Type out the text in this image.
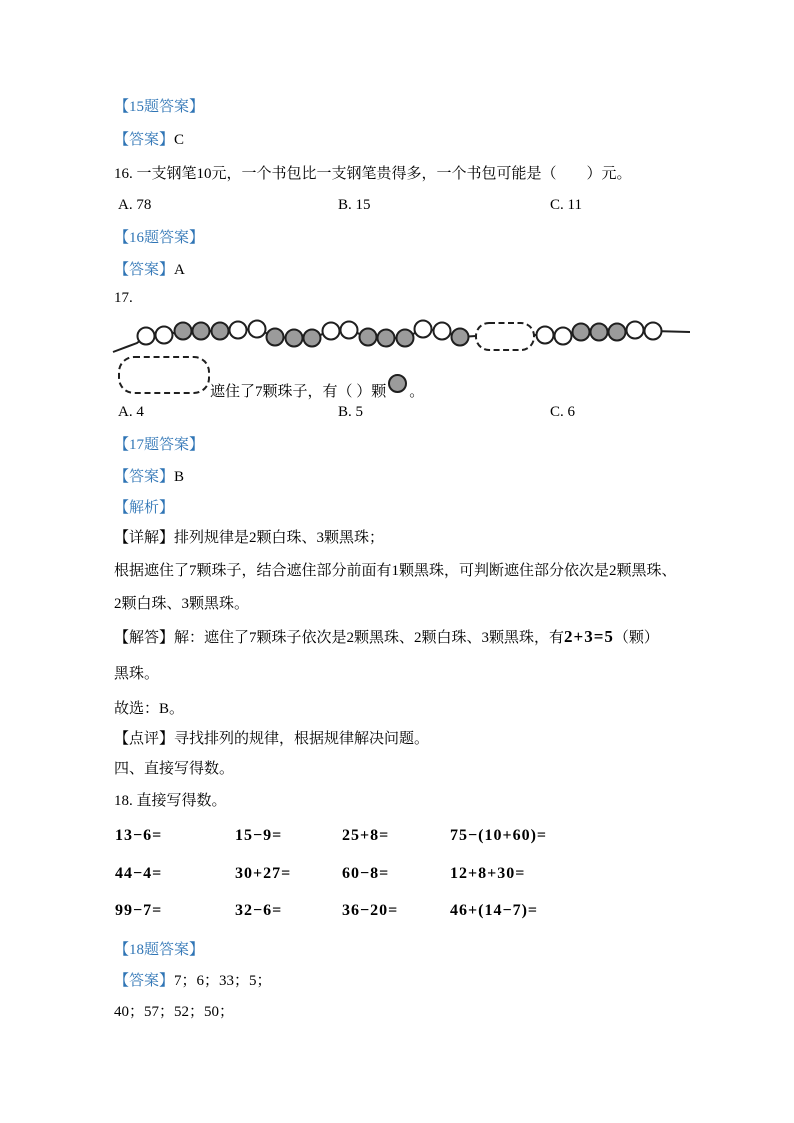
【15题答案】
【答案】C
16. 一支钢笔10元，一个书包比一支钢笔贵得多，一个书包可能是（　　）元。
A. 78	B. 15	C. 11
【16题答案】
【答案】A
17.
遮住了7颗珠子，有（ ）颗 。
A. 4	B. 5	C. 6
【17题答案】
【答案】B
【解析】
【详解】排列规律是2颗白珠、3颗黑珠；
根据遮住了7颗珠子，结合遮住部分前面有1颗黑珠，可判断遮住部分依次是2颗黑珠、
2颗白珠、3颗黑珠。
【解答】解：遮住了7颗珠子依次是2颗黑珠、2颗白珠、3颗黑珠，有2+3=5（颗）
黑珠。
故选：B。
【点评】寻找排列的规律，根据规律解决问题。
四、直接写得数。
18. 直接写得数。
13−6=	15−9=	25+8=	75−(10+60)=
44−4=	30+27=	60−8=	12+8+30=
99−7=	32−6=	36−20=	46+(14−7)=
【18题答案】
【答案】7；6；33；5；
40；57；52；50；
